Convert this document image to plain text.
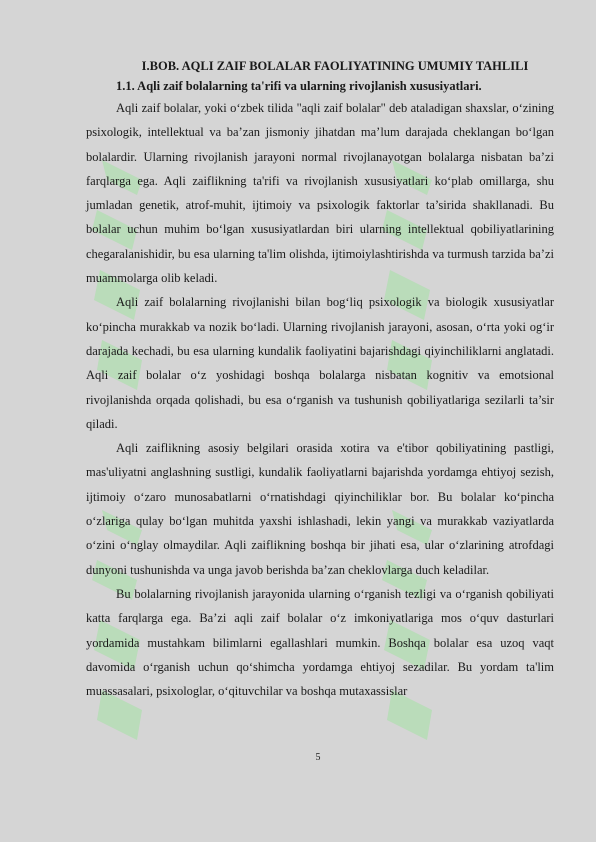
I.BOB. AQLI ZAIF BOLALAR FAOLIYATINING UMUMIY TAHLILI
1.1. Aqli zaif bolalarning ta'rifi va ularning rivojlanish xususiyatlari.

Aqli zaif bolalar, yoki o‘zbek tilida "aqli zaif bolalar" deb ataladigan shaxslar, o‘zining psixologik, intellektual va ba’zan jismoniy jihatdan ma’lum darajada cheklangan bo‘lgan bolalardir. Ularning rivojlanish jarayoni normal rivojlanayotgan bolalarga nisbatan ba’zi farqlarga ega. Aqli zaiflikning ta'rifi va rivojlanish xususiyatlari ko‘plab omillarga, shu jumladan genetik, atrof-muhit, ijtimoiy va psixologik faktorlar ta’sirida shakllanadi. Bu bolalar uchun muhim bo‘lgan xususiyatlardan biri ularning intellektual qobiliyatlarining chegaralanishidir, bu esa ularning ta'lim olishda, ijtimoiylashtirishda va turmush tarzida ba’zi muammolarga olib keladi.

Aqli zaif bolalarning rivojlanishi bilan bog‘liq psixologik va biologik xususiyatlar ko‘pincha murakkab va nozik bo‘ladi. Ularning rivojlanish jarayoni, asosan, o‘rta yoki og‘ir darajada kechadi, bu esa ularning kundalik faoliyatini bajarishdagi qiyinchiliklarni anglatadi. Aqli zaif bolalar o‘z yoshidagi boshqa bolalarga nisbatan kognitiv va emotsional rivojlanishda orqada qolishadi, bu esa o‘rganish va tushunish qobiliyatlariga sezilarli ta’sir qiladi.

Aqli zaiflikning asosiy belgilari orasida xotira va e'tibor qobiliyatining pastligi, mas'uliyatni anglashning sustligi, kundalik faoliyatlarni bajarishda yordamga ehtiyoj sezish, ijtimoiy o‘zaro munosabatlarni o‘rnatishdagi qiyinchiliklar bor. Bu bolalar ko‘pincha o‘zlariga qulay bo‘lgan muhitda yaxshi ishlashadi, lekin yangi va murakkab vaziyatlarda o‘zini o‘nglay olmaydilar. Aqli zaiflikning boshqa bir jihati esa, ular o‘zlarining atrofdagi dunyoni tushunishda va unga javob berishda ba’zan cheklovlarga duch keladilar.

Bu bolalarning rivojlanish jarayonida ularning o‘rganish tezligi va o‘rganish qobiliyati katta farqlarga ega. Ba’zi aqli zaif bolalar o‘z imkoniyatlariga mos o‘quv dasturlari yordamida mustahkam bilimlarni egallashlari mumkin. Boshqa bolalar esa uzoq vaqt davomida o‘rganish uchun qo‘shimcha yordamga ehtiyoj sezadilar. Bu yordam ta'lim muassasalari, psixologlar, o‘qituvchilar va boshqa mutaxassislar

5
